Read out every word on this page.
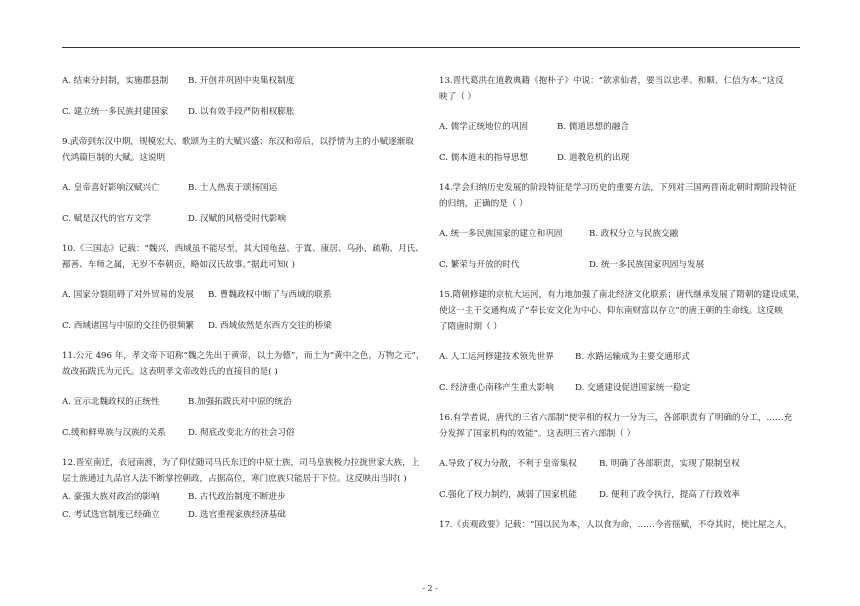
A. 结束分封制，实施郡县制	B. 开创并巩固中央集权制度
C. 建立统一多民族封建国家	D. 以有效手段严防相权膨胀
9.武帝到东汉中期，规模宏大、歌颂为主的大赋兴盛；东汉和帝后，以抒情为主的小赋逐渐取
代鸿篇巨制的大赋。这说明
A. 皇帝喜好影响汉赋兴亡	B. 士人热衷于颂扬国运
C. 赋是汉代的官方文学	D. 汉赋的风格受时代影响
10.《三国志》记载：“魏兴，西域虽不能尽至，其大国龟兹、于寘、康居、乌孙、疏勒、月氏、
鄯善、车师之属，无岁不奉朝贡，略如汉氏故事。”据此可知( )
A. 国家分裂阻碍了对外贸易的发展	B. 曹魏政权中断了与西域的联系
C. 西域诸国与中原的交往仍很频繁	D. 西域依然是东西方交往的桥梁
11.公元 496 年，孝文帝下诏称“魏之先出于黄帝，以土为德”，而土为“黄中之色，万物之元”，
故改拓跋氏为元氏。这表明孝文帝改姓氏的直接目的是( )
A. 宣示北魏政权的正统性	B.加强拓跋氏对中原的统治
C.缓和鲜卑族与汉族的关系	D. 彻底改变北方的社会习俗
12.晋室南迁，衣冠南渡，为了仰仗随司马氏东迁的中原士族，司马皇族极力拉拢世家大族，上
层士族通过九品官人法不断掌控朝政，占据高位，寒门庶族只能居于下位。这反映出当时( )
A. 豪强大族对政治的影响	B. 古代政治制度不断进步
C. 考试选官制度已经确立	D. 选官重视家族经济基础
13.晋代葛洪在道教典籍《抱朴子》中说：“欲求仙者，要当以忠孝、和顺、仁信为本。”这反
映了（ ）
A. 儒学正统地位的巩固	B. 儒道思想的融合
C. 儒本道末的指导思想	D. 道教危机的出现
14.学会归纳历史发展的阶段特征是学习历史的重要方法，下列对三国两晋南北朝时期阶段特征
的归纳，正确的是（ ）
A. 统一多民族国家的建立和巩固	B. 政权分立与民族交融
C. 繁荣与开放的时代	D. 统一多民族国家巩固与发展
15.隋朝修建的京杭大运河，有力地加强了南北经济文化联系；唐代继承发展了隋朝的建设成果，
使这一主干交通构成了“奉长安文化为中心、仰东南财富以存立”的唐王朝的生命线。这反映
了隋唐时期（ ）
A. 人工运河修建技术领先世界	B. 水路运输成为主要交通形式
C. 经济重心南移产生重大影响	D. 交通建设促进国家统一稳定
16.有学者说，唐代的三省六部制“使宰相的权力一分为三，各部职责有了明确的分工，……充
分发挥了国家机构的效能”。这表明三省六部制（ ）
A.导致了权力分散，不利于皇帝集权	B. 明确了各部职责，实现了限制皇权
C.强化了权力制约，减弱了国家机能	D. 便利了政令执行，提高了行政效率
17.《贞观政要》记载：“国以民为本，人以食为命，……今省徭赋，不夺其时，使比屋之人，
- 2 -
